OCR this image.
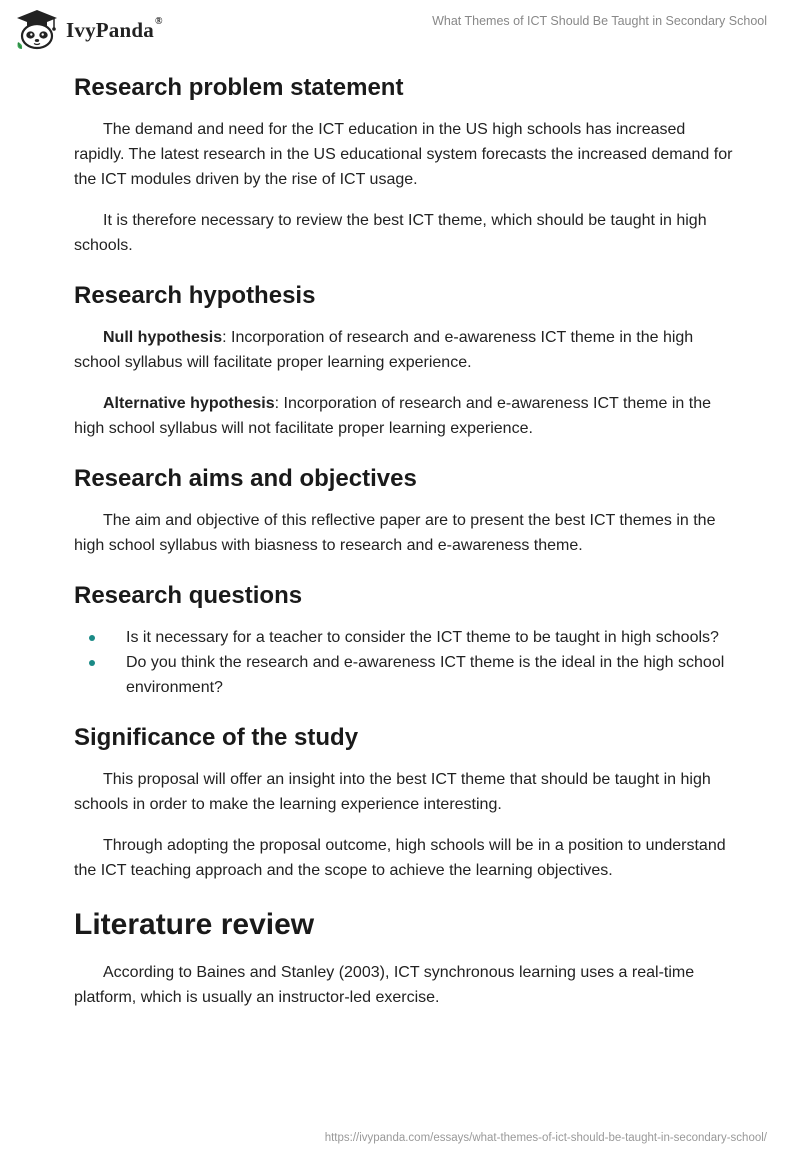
IvyPanda®	What Themes of ICT Should Be Taught in Secondary School
Research problem statement

The demand and need for the ICT education in the US high schools has increased rapidly. The latest research in the US educational system forecasts the increased demand for the ICT modules driven by the rise of ICT usage.

It is therefore necessary to review the best ICT theme, which should be taught in high schools.

Research hypothesis

Null hypothesis: Incorporation of research and e-awareness ICT theme in the high school syllabus will facilitate proper learning experience.

Alternative hypothesis: Incorporation of research and e-awareness ICT theme in the high school syllabus will not facilitate proper learning experience.

Research aims and objectives

The aim and objective of this reflective paper are to present the best ICT themes in the high school syllabus with biasness to research and e-awareness theme.

Research questions
Is it necessary for a teacher to consider the ICT theme to be taught in high schools?
Do you think the research and e-awareness ICT theme is the ideal in the high school environment?
Significance of the study

This proposal will offer an insight into the best ICT theme that should be taught in high schools in order to make the learning experience interesting.

Through adopting the proposal outcome, high schools will be in a position to understand the ICT teaching approach and the scope to achieve the learning objectives.

Literature review

According to Baines and Stanley (2003), ICT synchronous learning uses a real-time platform, which is usually an instructor-led exercise.

https://ivypanda.com/essays/what-themes-of-ict-should-be-taught-in-secondary-school/
